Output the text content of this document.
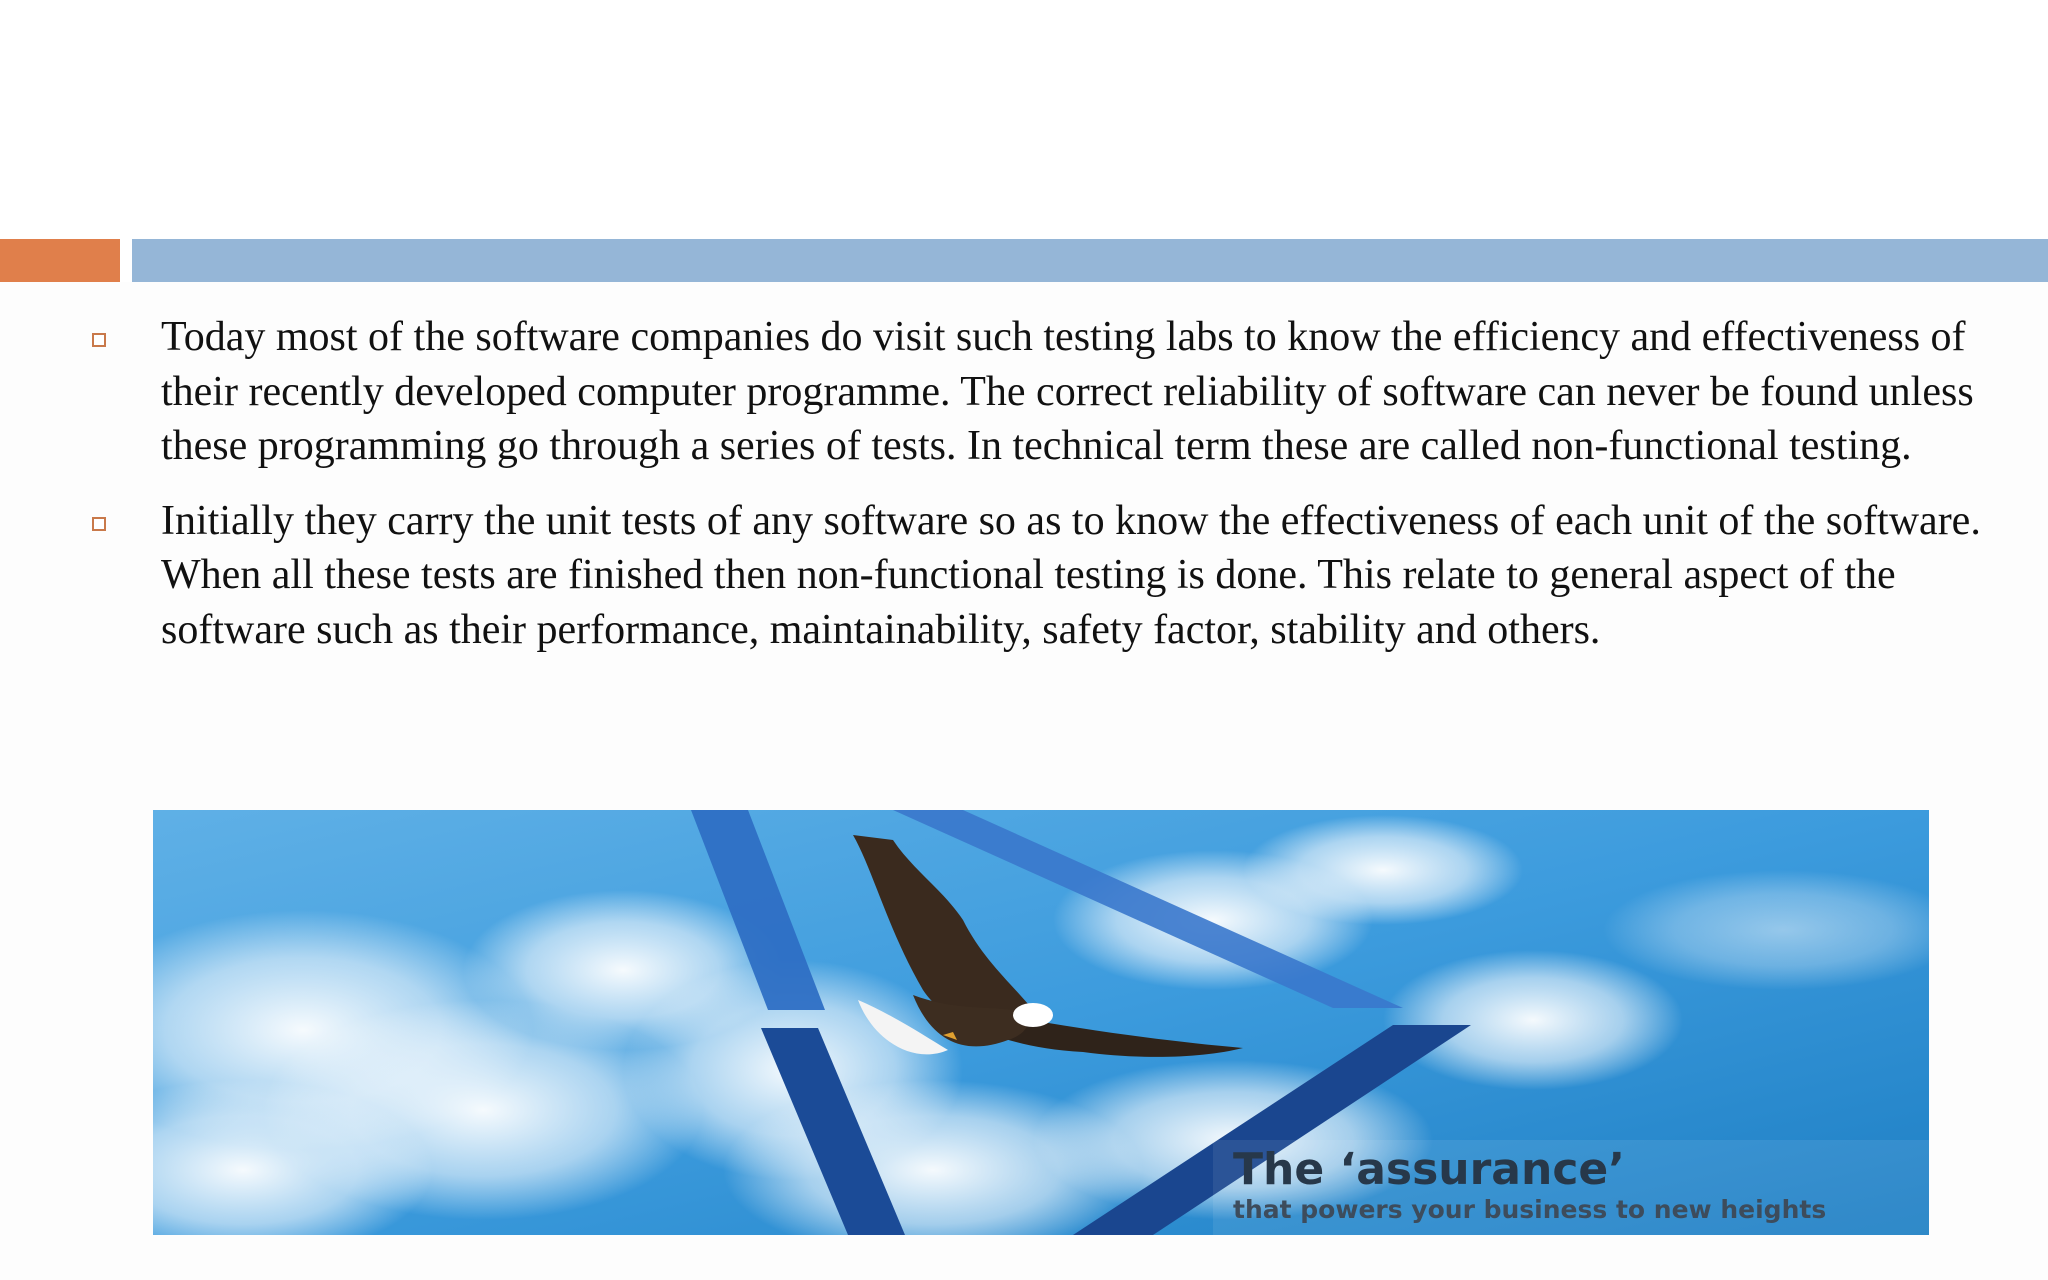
Today most of the software companies do visit such testing labs to know the efficiency and effectiveness of their recently developed computer programme. The correct reliability of software can never be found unless these programming go through a series of tests. In technical term these are called non-functional testing.
Initially they carry the unit tests of any software so as to know the effectiveness of each unit of the software. When all these tests are finished then non-functional testing is done. This relate to general aspect of the software such as their performance, maintainability, safety factor, stability and others.
The ‘assurance’
that powers your business to new heights
